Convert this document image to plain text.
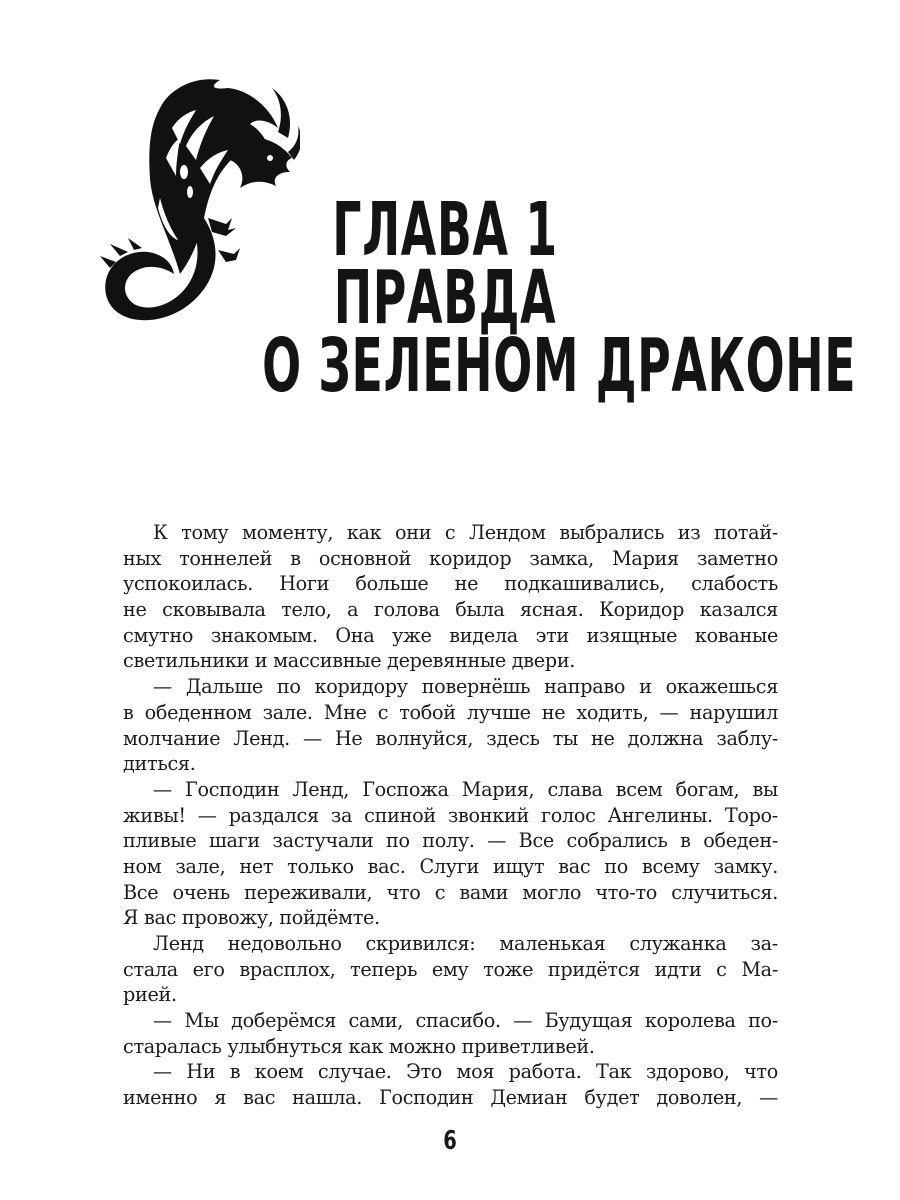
ГЛАВА 1
ПРАВДА
О ЗЕЛЕНОМ ДРАКОНЕ
К тому моменту, как они с Лендом выбрались из потай-
ных тоннелей в основной коридор замка, Мария заметно
успокоилась. Ноги больше не подкашивались, слабость
не сковывала тело, а голова была ясная. Коридор казался
смутно знакомым. Она уже видела эти изящные кованые
светильники и массивные деревянные двери.
— Дальше по коридору повернёшь направо и окажешься
в обеденном зале. Мне с тобой лучше не ходить, — нарушил
молчание Ленд. — Не волнуйся, здесь ты не должна заблу-
диться.
— Господин Ленд, Госпожа Мария, слава всем богам, вы
живы! — раздался за спиной звонкий голос Ангелины. Торо-
пливые шаги застучали по полу. — Все собрались в обеден-
ном зале, нет только вас. Слуги ищут вас по всему замку.
Все очень переживали, что с вами могло что-то случиться.
Я вас провожу, пойдёмте.
Ленд недовольно скривился: маленькая служанка за-
стала его врасплох, теперь ему тоже придётся идти с Ма-
рией.
— Мы доберёмся сами, спасибо. — Будущая королева по-
старалась улыбнуться как можно приветливей.
— Ни в коем случае. Это моя работа. Так здорово, что
именно я вас нашла. Господин Демиан будет доволен, —
6
